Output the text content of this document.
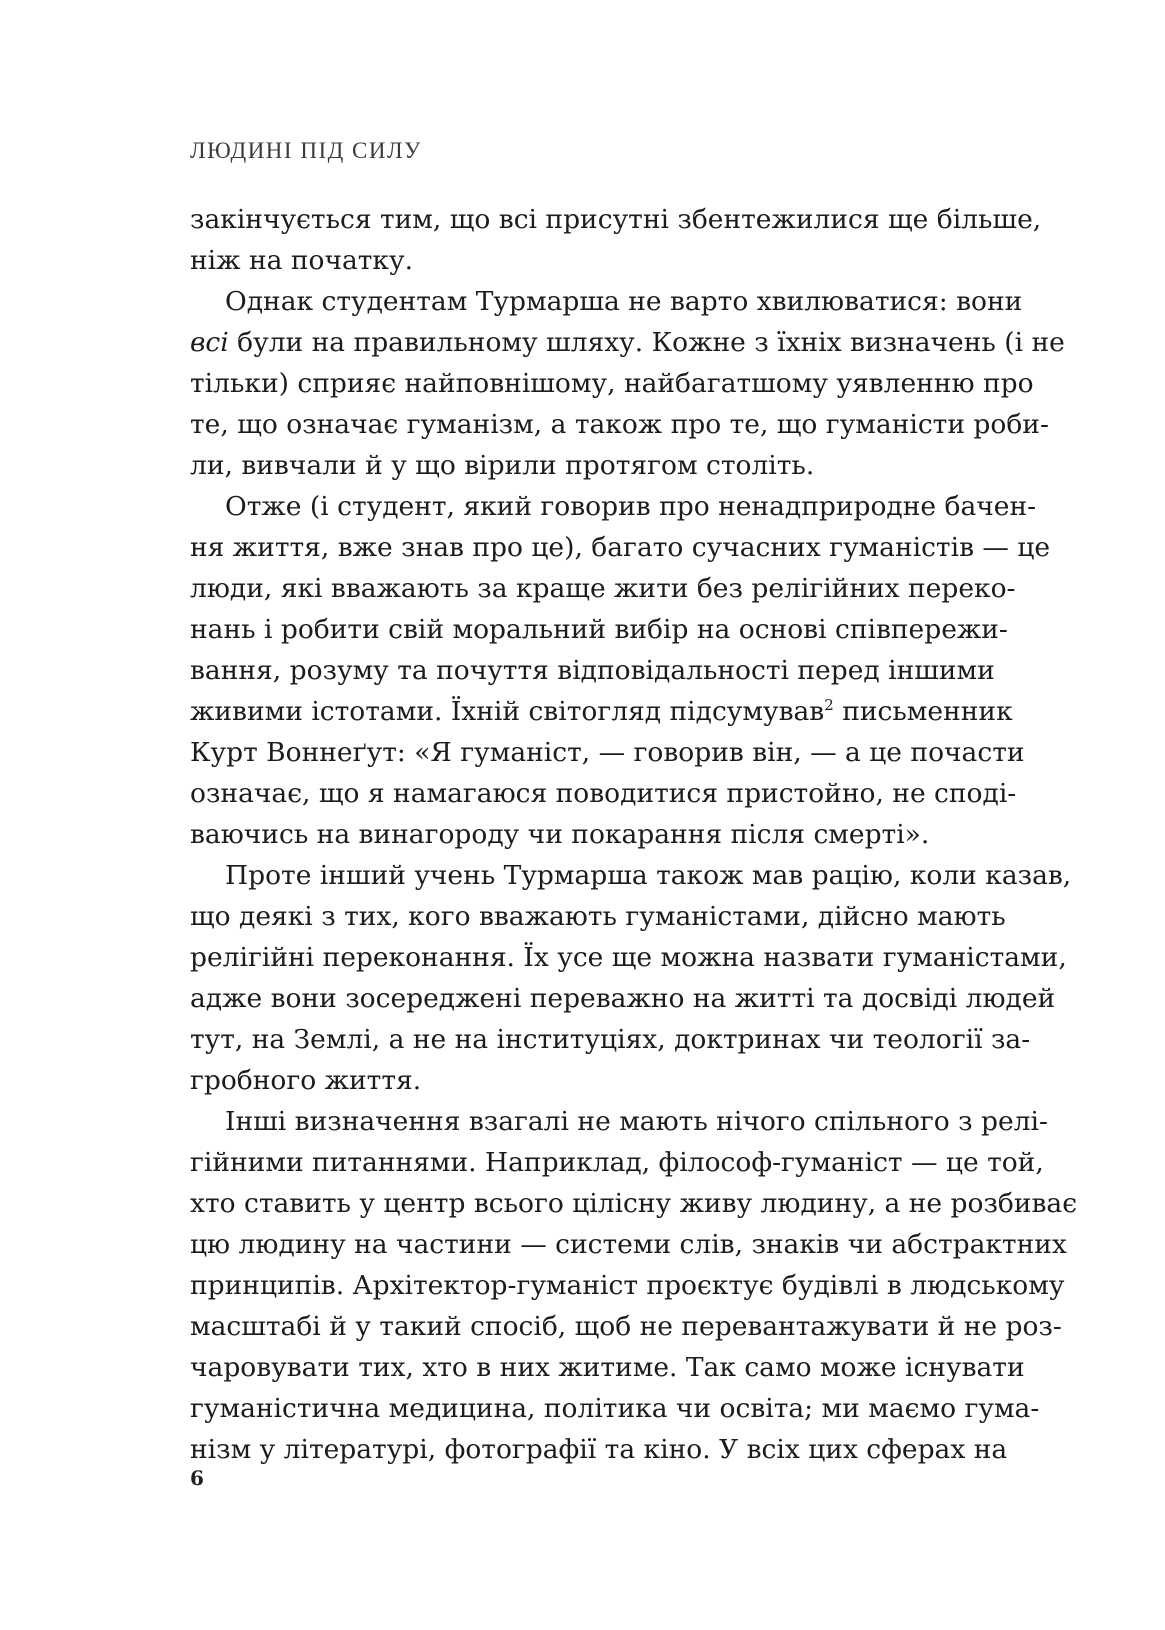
ЛЮДИНІ ПІД СИЛУ
закінчується тим, що всі присутні збентежилися ще більше,
ніж на початку.
Однак студентам Турмарша не варто хвилюватися: вони
всі були на правильному шляху. Кожне з їхніх визначень (і не
тільки) сприяє найповнішому, найбагатшому уявленню про
те, що означає гуманізм, а також про те, що гуманісти роби-
ли, вивчали й у що вірили протягом століть.
Отже (і студент, який говорив про ненадприродне бачен-
ня життя, вже знав про це), багато сучасних гуманістів — це
люди, які вважають за краще жити без релігійних переко-
нань і робити свій моральний вибір на основі співпережи-
вання, розуму та почуття відповідальності перед іншими
живими істотами. Їхній світогляд підсумував$^2$ письменник
Курт Воннеґут: «Я гуманіст, — говорив він, — а це почасти
означає, що я намагаюся поводитися пристойно, не споді-
ваючись на винагороду чи покарання після смерті».
Проте інший учень Турмарша також мав рацію, коли казав,
що деякі з тих, кого вважають гуманістами, дійсно мають
релігійні переконання. Їх усе ще можна назвати гуманістами,
адже вони зосереджені переважно на житті та досвіді людей
тут, на Землі, а не на інституціях, доктринах чи теології за-
гробного життя.
Інші визначення взагалі не мають нічого спільного з релі-
гійними питаннями. Наприклад, філософ-гуманіст — це той,
хто ставить у центр всього цілісну живу людину, а не розбиває
цю людину на частини — системи слів, знаків чи абстрактних
принципів. Архітектор-гуманіст проєктує будівлі в людському
масштабі й у такий спосіб, щоб не перевантажувати й не роз-
чаровувати тих, хто в них житиме. Так само може існувати
гуманістична медицина, політика чи освіта; ми маємо гума-
нізм у літературі, фотографії та кіно. У всіх цих сферах на
6
